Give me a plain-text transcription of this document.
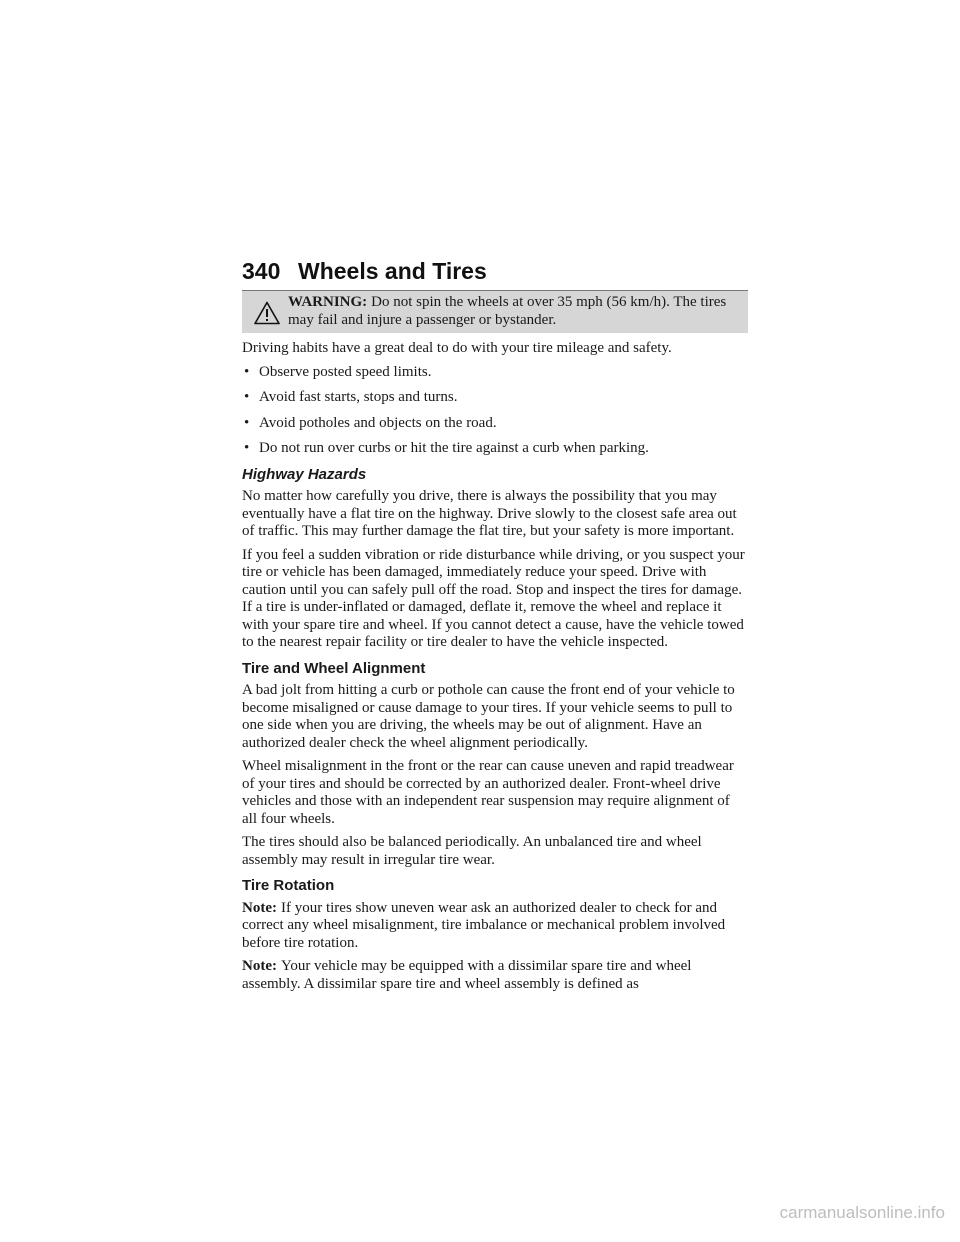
340 Wheels and Tires
WARNING: Do not spin the wheels at over 35 mph (56 km/h). The tires may fail and injure a passenger or bystander.

Driving habits have a great deal to do with your tire mileage and safety.

• Observe posted speed limits.
• Avoid fast starts, stops and turns.
• Avoid potholes and objects on the road.
• Do not run over curbs or hit the tire against a curb when parking.
Highway Hazards

No matter how carefully you drive, there is always the possibility that you may eventually have a flat tire on the highway. Drive slowly to the closest safe area out of traffic. This may further damage the flat tire, but your safety is more important.

If you feel a sudden vibration or ride disturbance while driving, or you suspect your tire or vehicle has been damaged, immediately reduce your speed. Drive with caution until you can safely pull off the road. Stop and inspect the tires for damage. If a tire is under-inflated or damaged, deflate it, remove the wheel and replace it with your spare tire and wheel. If you cannot detect a cause, have the vehicle towed to the nearest repair facility or tire dealer to have the vehicle inspected.

Tire and Wheel Alignment

A bad jolt from hitting a curb or pothole can cause the front end of your vehicle to become misaligned or cause damage to your tires. If your vehicle seems to pull to one side when you are driving, the wheels may be out of alignment. Have an authorized dealer check the wheel alignment periodically.

Wheel misalignment in the front or the rear can cause uneven and rapid treadwear of your tires and should be corrected by an authorized dealer. Front-wheel drive vehicles and those with an independent rear suspension may require alignment of all four wheels.

The tires should also be balanced periodically. An unbalanced tire and wheel assembly may result in irregular tire wear.

Tire Rotation

Note: If your tires show uneven wear ask an authorized dealer to check for and correct any wheel misalignment, tire imbalance or mechanical problem involved before tire rotation.

Note: Your vehicle may be equipped with a dissimilar spare tire and wheel assembly. A dissimilar spare tire and wheel assembly is defined as

carmanualsonline.info
